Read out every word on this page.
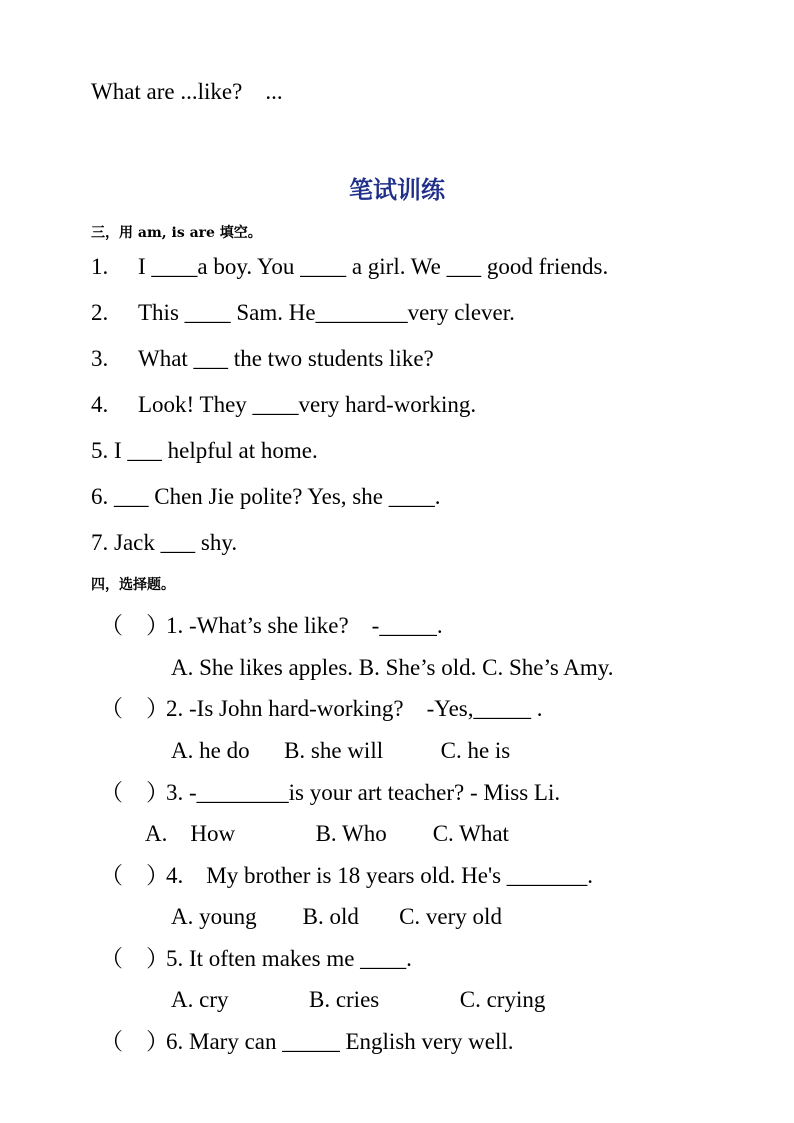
What are ...like?    ...
笔试训练
三，用 am, is are 填空。
1. I ____a boy. You ____ a girl. We ___ good friends.
2. This ____ Sam. He________very clever.
3. What ___ the two students like?
4. Look! They ____very hard-working.
5. I ___ helpful at home.
6. ___ Chen Jie polite? Yes, she ____.
7. Jack ___ shy.
四，选择题。
（    ）1. -What’s she like?    -_____.
A. She likes apples. B. She’s old. C. She’s Amy.
（    ）2. -Is John hard-working?    -Yes,_____ .
A. he do      B. she will          C. he is
（    ）3. -________is your art teacher? - Miss Li.
A.    How              B. Who        C. What
（    ）4.    My brother is 18 years old. He's _______.
A. young        B. old       C. very old
（    ）5. It often makes me ____.
A. cry              B. cries              C. crying
（    ）6. Mary can _____ English very well.
